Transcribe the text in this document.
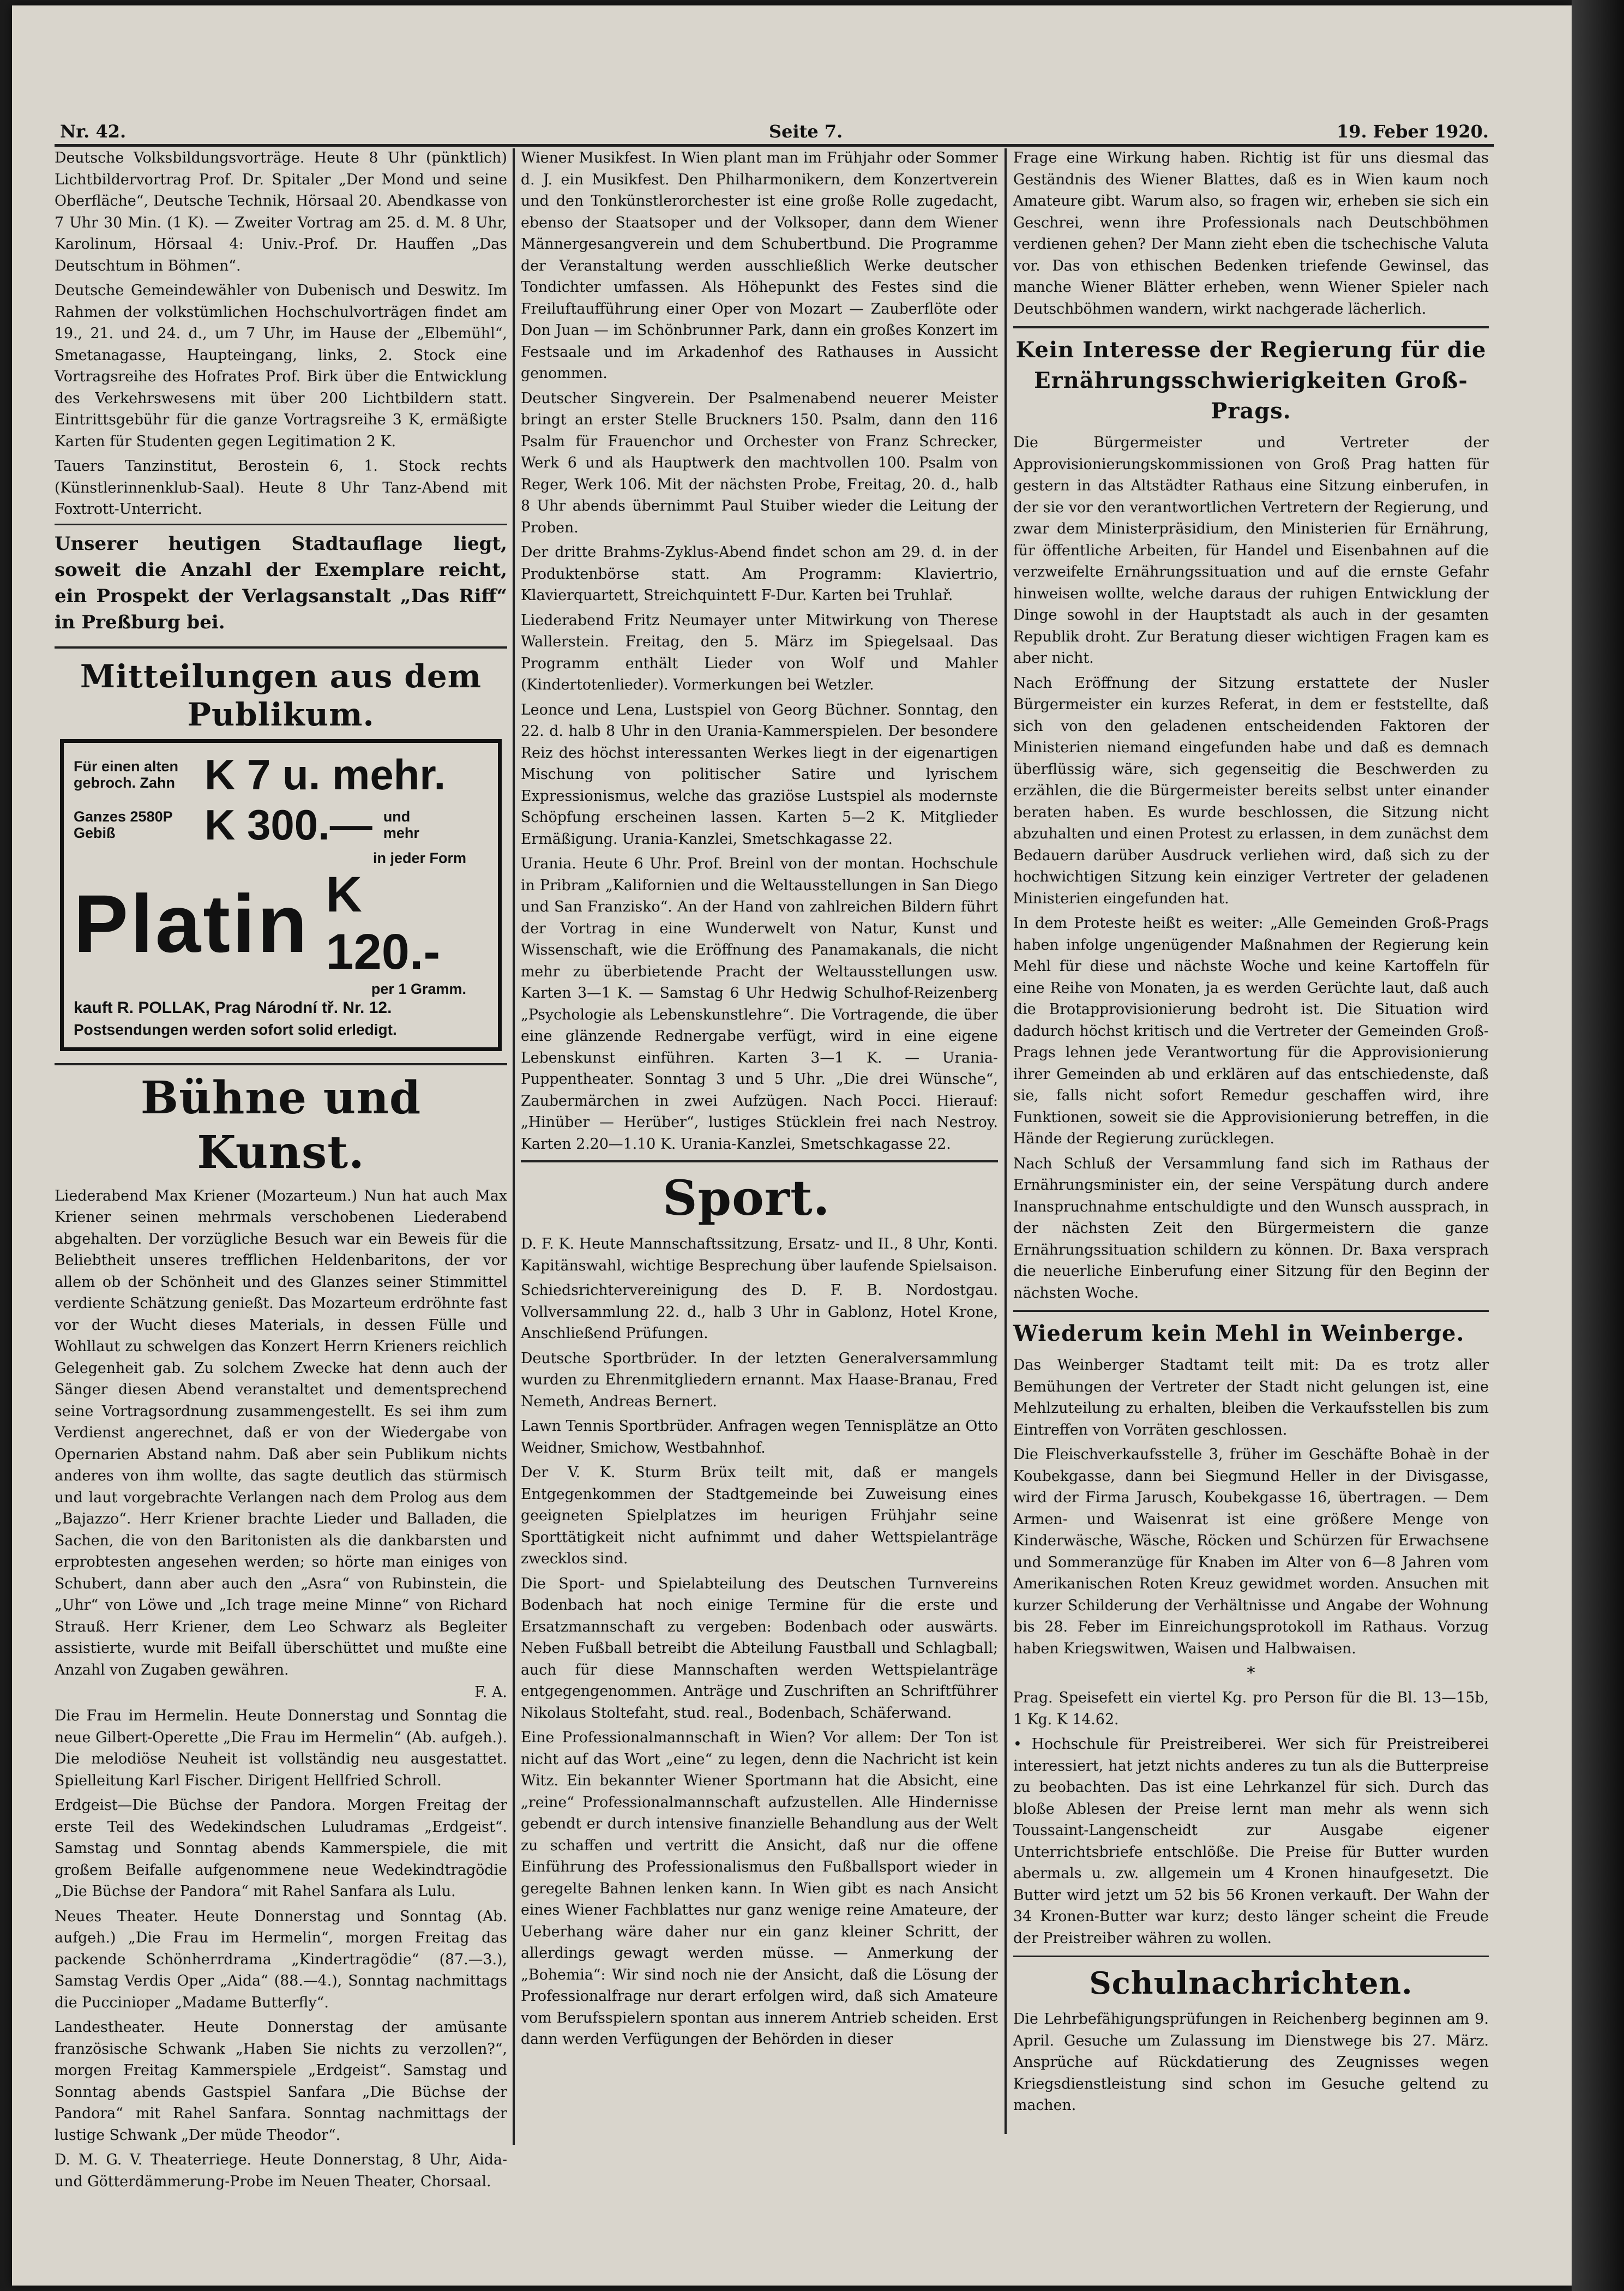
Nr. 42.	Seite 7.	19. Feber 1920.

Deutsche Volksbildungsvorträge. Heute 8 Uhr (pünktlich) Lichtbildervortrag Prof. Dr. Spitaler „Der Mond und seine Oberfläche“, Deutsche Technik, Hörsaal 20. Abendkasse von 7 Uhr 30 Min. (1 K). — Zweiter Vortrag am 25. d. M. 8 Uhr, Karolinum, Hörsaal 4: Univ.-Prof. Dr. Hauffen „Das Deutschtum in Böhmen“.

Deutsche Gemeindewähler von Dubenisch und Deswitz. Im Rahmen der volkstümlichen Hochschulvorträgen findet am 19., 21. und 24. d., um 7 Uhr, im Hause der „Elbemühl“, Smetanagasse, Haupteingang, links, 2. Stock eine Vortragsreihe des Hofrates Prof. Birk über die Entwicklung des Verkehrswesens mit über 200 Lichtbildern statt. Eintrittsgebühr für die ganze Vortragsreihe 3 K, ermäßigte Karten für Studenten gegen Legitimation 2 K.

Tauers Tanzinstitut, Berostein 6, 1. Stock rechts (Künstlerinnenklub-Saal). Heute 8 Uhr Tanz-Abend mit Foxtrott-Unterricht.

Unserer heutigen Stadtauflage liegt, soweit die Anzahl der Exemplare reicht, ein Prospekt der Verlagsanstalt „Das Riff“ in Preßburg bei.
Mitteilungen aus dem Publikum.
Für einen alten gebroch. Zahn K 7 u. mehr.
Ganzes 2580P Gebiß	K 300.— und mehr
in jeder Form
Platin K 120.-
per 1 Gramm.
kauft R. POLLAK, Prag Národní tř. Nr. 12.
Postsendungen werden sofort solid erledigt.
Bühne und Kunst.

Liederabend Max Kriener (Mozarteum.) Nun hat auch Max Kriener seinen mehrmals verschobenen Liederabend abgehalten. Der vorzügliche Besuch war ein Beweis für die Beliebtheit unseres trefflichen Heldenbaritons, der vor allem ob der Schönheit und des Glanzes seiner Stimmittel verdiente Schätzung genießt. Das Mozarteum erdröhnte fast vor der Wucht dieses Materials, in dessen Fülle und Wohllaut zu schwelgen das Konzert Herrn Krieners reichlich Gelegenheit gab. Zu solchem Zwecke hat denn auch der Sänger diesen Abend veranstaltet und dementsprechend seine Vortragsordnung zusammengestellt. Es sei ihm zum Verdienst angerechnet, daß er von der Wiedergabe von Opernarien Abstand nahm. Daß aber sein Publikum nichts anderes von ihm wollte, das sagte deutlich das stürmisch und laut vorgebrachte Verlangen nach dem Prolog aus dem „Bajazzo“. Herr Kriener brachte Lieder und Balladen, die Sachen, die von den Baritonisten als die dankbarsten und erprobtesten angesehen werden; so hörte man einiges von Schubert, dann aber auch den „Asra“ von Rubinstein, die „Uhr“ von Löwe und „Ich trage meine Minne“ von Richard Strauß. Herr Kriener, dem Leo Schwarz als Begleiter assistierte, wurde mit Beifall überschüttet und mußte eine Anzahl von Zugaben gewähren.

F. A.

Die Frau im Hermelin. Heute Donnerstag und Sonntag die neue Gilbert-Operette „Die Frau im Hermelin“ (Ab. aufgeh.). Die melodiöse Neuheit ist vollständig neu ausgestattet. Spielleitung Karl Fischer. Dirigent Hellfried Schroll.

Erdgeist—Die Büchse der Pandora. Morgen Freitag der erste Teil des Wedekindschen Luludramas „Erdgeist“. Samstag und Sonntag abends Kammerspiele, die mit großem Beifalle aufgenommene neue Wedekindtragödie „Die Büchse der Pandora“ mit Rahel Sanfara als Lulu.

Neues Theater. Heute Donnerstag und Sonntag (Ab. aufgeh.) „Die Frau im Hermelin“, morgen Freitag das packende Schönherrdrama „Kindertragödie“ (87.—3.), Samstag Verdis Oper „Aida“ (88.—4.), Sonntag nachmittags die Puccinioper „Madame Butterfly“.

Landestheater. Heute Donnerstag der amüsante französische Schwank „Haben Sie nichts zu verzollen?“, morgen Freitag Kammerspiele „Erdgeist“. Samstag und Sonntag abends Gastspiel Sanfara „Die Büchse der Pandora“ mit Rahel Sanfara. Sonntag nachmittags der lustige Schwank „Der müde Theodor“.

D. M. G. V. Theaterriege. Heute Donnerstag, 8 Uhr, Aida- und Götterdämmerung-Probe im Neuen Theater, Chorsaal.

Wiener Musikfest. In Wien plant man im Frühjahr oder Sommer d. J. ein Musikfest. Den Philharmonikern, dem Konzertverein und den Tonkünstlerorchester ist eine große Rolle zugedacht, ebenso der Staatsoper und der Volksoper, dann dem Wiener Männergesangverein und dem Schubertbund. Die Programme der Veranstaltung werden ausschließlich Werke deutscher Tondichter umfassen. Als Höhepunkt des Festes sind die Freiluftaufführung einer Oper von Mozart — Zauberflöte oder Don Juan — im Schönbrunner Park, dann ein großes Konzert im Festsaale und im Arkadenhof des Rathauses in Aussicht genommen.

Deutscher Singverein. Der Psalmenabend neuerer Meister bringt an erster Stelle Bruckners 150. Psalm, dann den 116 Psalm für Frauenchor und Orchester von Franz Schrecker, Werk 6 und als Hauptwerk den machtvollen 100. Psalm von Reger, Werk 106. Mit der nächsten Probe, Freitag, 20. d., halb 8 Uhr abends übernimmt Paul Stuiber wieder die Leitung der Proben.

Der dritte Brahms-Zyklus-Abend findet schon am 29. d. in der Produktenbörse statt. Am Programm: Klaviertrio, Klavierquartett, Streichquintett F-Dur. Karten bei Truhlař.

Liederabend Fritz Neumayer unter Mitwirkung von Therese Wallerstein. Freitag, den 5. März im Spiegelsaal. Das Programm enthält Lieder von Wolf und Mahler (Kindertotenlieder). Vormerkungen bei Wetzler.

Leonce und Lena, Lustspiel von Georg Büchner. Sonntag, den 22. d. halb 8 Uhr in den Urania-Kammerspielen. Der besondere Reiz des höchst interessanten Werkes liegt in der eigenartigen Mischung von politischer Satire und lyrischem Expressionismus, welche das graziöse Lustspiel als modernste Schöpfung erscheinen lassen. Karten 5—2 K. Mitglieder Ermäßigung. Urania-Kanzlei, Smetschkagasse 22.

Urania. Heute 6 Uhr. Prof. Breinl von der montan. Hochschule in Pribram „Kalifornien und die Weltausstellungen in San Diego und San Franzisko“. An der Hand von zahlreichen Bildern führt der Vortrag in eine Wunderwelt von Natur, Kunst und Wissenschaft, wie die Eröffnung des Panamakanals, die nicht mehr zu überbietende Pracht der Weltausstellungen usw. Karten 3—1 K. — Samstag 6 Uhr Hedwig Schulhof-Reizenberg „Psychologie als Lebenskunstlehre“. Die Vortragende, die über eine glänzende Rednergabe verfügt, wird in eine eigene Lebenskunst einführen. Karten 3—1 K. — Urania-Puppentheater. Sonntag 3 und 5 Uhr. „Die drei Wünsche“, Zaubermärchen in zwei Aufzügen. Nach Pocci. Hierauf: „Hinüber — Herüber“, lustiges Stücklein frei nach Nestroy. Karten 2.20—1.10 K. Urania-Kanzlei, Smetschkagasse 22.

Sport.

D. F. K. Heute Mannschaftssitzung, Ersatz- und II., 8 Uhr, Konti. Kapitänswahl, wichtige Besprechung über laufende Spielsaison.

Schiedsrichtervereinigung des D. F. B. Nordostgau. Vollversammlung 22. d., halb 3 Uhr in Gablonz, Hotel Krone, Anschließend Prüfungen.

Deutsche Sportbrüder. In der letzten Generalversammlung wurden zu Ehrenmitgliedern ernannt. Max Haase-Branau, Fred Nemeth, Andreas Bernert.

Lawn Tennis Sportbrüder. Anfragen wegen Tennisplätze an Otto Weidner, Smichow, Westbahnhof.

Der V. K. Sturm Brüx teilt mit, daß er mangels Entgegenkommen der Stadtgemeinde bei Zuweisung eines geeigneten Spielplatzes im heurigen Frühjahr seine Sporttätigkeit nicht aufnimmt und daher Wettspielanträge zwecklos sind.

Die Sport- und Spielabteilung des Deutschen Turnvereins Bodenbach hat noch einige Termine für die erste und Ersatzmannschaft zu vergeben: Bodenbach oder auswärts. Neben Fußball betreibt die Abteilung Faustball und Schlagball; auch für diese Mannschaften werden Wettspielanträge entgegengenommen. Anträge und Zuschriften an Schriftführer Nikolaus Stoltefaht, stud. real., Bodenbach, Schäferwand.

Eine Professionalmannschaft in Wien? Vor allem: Der Ton ist nicht auf das Wort „eine“ zu legen, denn die Nachricht ist kein Witz. Ein bekannter Wiener Sportmann hat die Absicht, eine „reine“ Professionalmannschaft aufzustellen. Alle Hindernisse gebendt er durch intensive finanzielle Behandlung aus der Welt zu schaffen und vertritt die Ansicht, daß nur die offene Einführung des Professionalismus den Fußballsport wieder in geregelte Bahnen lenken kann. In Wien gibt es nach Ansicht eines Wiener Fachblattes nur ganz wenige reine Amateure, der Ueberhang wäre daher nur ein ganz kleiner Schritt, der allerdings gewagt werden müsse. — Anmerkung der „Bohemia“: Wir sind noch nie der Ansicht, daß die Lösung der Professionalfrage nur derart erfolgen wird, daß sich Amateure vom Berufsspielern spontan aus innerem Antrieb scheiden. Erst dann werden Verfügungen der Behörden in dieser

Frage eine Wirkung haben. Richtig ist für uns diesmal das Geständnis des Wiener Blattes, daß es in Wien kaum noch Amateure gibt. Warum also, so fragen wir, erheben sie sich ein Geschrei, wenn ihre Professionals nach Deutschböhmen verdienen gehen? Der Mann zieht eben die tschechische Valuta vor. Das von ethischen Bedenken triefende Gewinsel, das manche Wiener Blätter erheben, wenn Wiener Spieler nach Deutschböhmen wandern, wirkt nachgerade lächerlich.

Kein Interesse der Regierung für die Ernährungsschwierigkeiten Groß-Prags.

Die Bürgermeister und Vertreter der Approvisionierungskommissionen von Groß Prag hatten für gestern in das Altstädter Rathaus eine Sitzung einberufen, in der sie vor den verantwortlichen Vertretern der Regierung, und zwar dem Ministerpräsidium, den Ministerien für Ernährung, für öffentliche Arbeiten, für Handel und Eisenbahnen auf die verzweifelte Ernährungssituation und auf die ernste Gefahr hinweisen wollte, welche daraus der ruhigen Entwicklung der Dinge sowohl in der Hauptstadt als auch in der gesamten Republik droht. Zur Beratung dieser wichtigen Fragen kam es aber nicht.

Nach Eröffnung der Sitzung erstattete der Nusler Bürgermeister ein kurzes Referat, in dem er feststellte, daß sich von den geladenen entscheidenden Faktoren der Ministerien niemand eingefunden habe und daß es demnach überflüssig wäre, sich gegenseitig die Beschwerden zu erzählen, die die Bürgermeister bereits selbst unter einander beraten haben. Es wurde beschlossen, die Sitzung nicht abzuhalten und einen Protest zu erlassen, in dem zunächst dem Bedauern darüber Ausdruck verliehen wird, daß sich zu der hochwichtigen Sitzung kein einziger Vertreter der geladenen Ministerien eingefunden hat.

In dem Proteste heißt es weiter: „Alle Gemeinden Groß-Prags haben infolge ungenügender Maßnahmen der Regierung kein Mehl für diese und nächste Woche und keine Kartoffeln für eine Reihe von Monaten, ja es werden Gerüchte laut, daß auch die Brotapprovisionierung bedroht ist. Die Situation wird dadurch höchst kritisch und die Vertreter der Gemeinden Groß-Prags lehnen jede Verantwortung für die Approvisionierung ihrer Gemeinden ab und erklären auf das entschiedenste, daß sie, falls nicht sofort Remedur geschaffen wird, ihre Funktionen, soweit sie die Approvisionierung betreffen, in die Hände der Regierung zurücklegen.

Nach Schluß der Versammlung fand sich im Rathaus der Ernährungsminister ein, der seine Verspätung durch andere Inanspruchnahme entschuldigte und den Wunsch aussprach, in der nächsten Zeit den Bürgermeistern die ganze Ernährungssituation schildern zu können. Dr. Baxa versprach die neuerliche Einberufung einer Sitzung für den Beginn der nächsten Woche.

Wiederum kein Mehl in Weinberge.

Das Weinberger Stadtamt teilt mit: Da es trotz aller Bemühungen der Vertreter der Stadt nicht gelungen ist, eine Mehlzuteilung zu erhalten, bleiben die Verkaufsstellen bis zum Eintreffen von Vorräten geschlossen.

Die Fleischverkaufsstelle 3, früher im Geschäfte Bohaè in der Koubekgasse, dann bei Siegmund Heller in der Divisgasse, wird der Firma Jarusch, Koubekgasse 16, übertragen. — Dem Armen- und Waisenrat ist eine größere Menge von Kinderwäsche, Wäsche, Röcken und Schürzen für Erwachsene und Sommeranzüge für Knaben im Alter von 6—8 Jahren vom Amerikanischen Roten Kreuz gewidmet worden. Ansuchen mit kurzer Schilderung der Verhältnisse und Angabe der Wohnung bis 28. Feber im Einreichungsprotokoll im Rathaus. Vorzug haben Kriegswitwen, Waisen und Halbwaisen.

*

Prag. Speisefett ein viertel Kg. pro Person für die Bl. 13—15b, 1 Kg. K 14.62.

• Hochschule für Preistreiberei. Wer sich für Preistreiberei interessiert, hat jetzt nichts anderes zu tun als die Butterpreise zu beobachten. Das ist eine Lehrkanzel für sich. Durch das bloße Ablesen der Preise lernt man mehr als wenn sich Toussaint-Langenscheidt zur Ausgabe eigener Unterrichtsbriefe entschlöße. Die Preise für Butter wurden abermals u. zw. allgemein um 4 Kronen hinaufgesetzt. Die Butter wird jetzt um 52 bis 56 Kronen verkauft. Der Wahn der 34 Kronen-Butter war kurz; desto länger scheint die Freude der Preistreiber währen zu wollen.

Schulnachrichten.

Die Lehrbefähigungsprüfungen in Reichenberg beginnen am 9. April. Gesuche um Zulassung im Dienstwege bis 27. März. Ansprüche auf Rückdatierung des Zeugnisses wegen Kriegsdienstleistung sind schon im Gesuche geltend zu machen.
